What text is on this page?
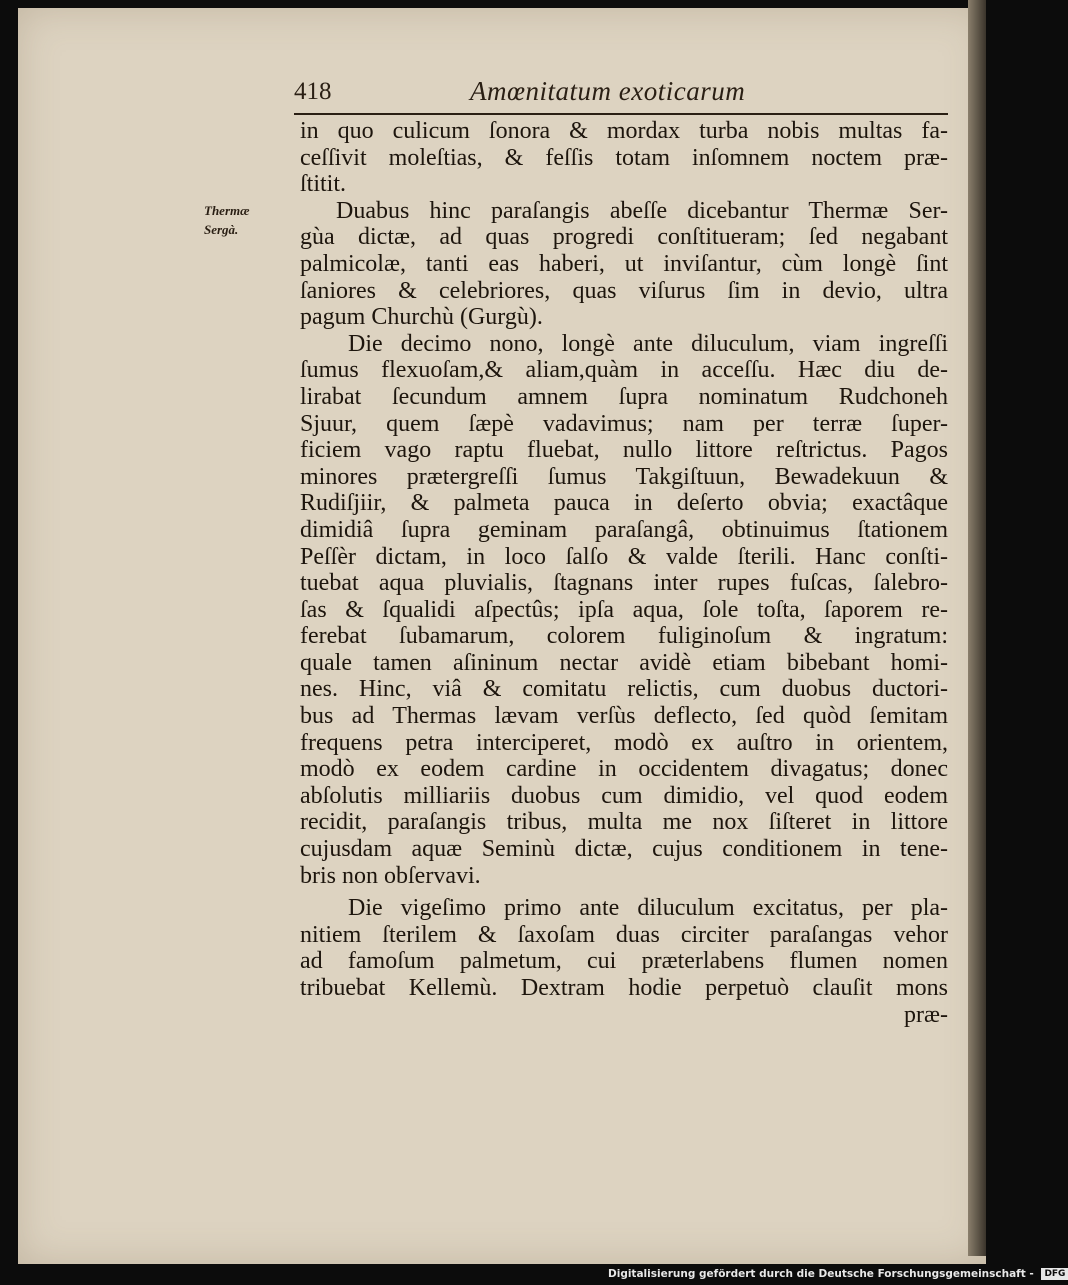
418	Amœnitatum exoticarum
Thermæ
Sergà.
in quo culicum ſonora & mordax turba nobis multas fa-
ceſſivit moleſtias, & feſſis totam inſomnem noctem præ-
ſtitit.
Duabus hinc paraſangis abeſſe dicebantur Thermæ Ser-
gùa dictæ, ad quas progredi conſtitueram; ſed negabant
palmicolæ, tanti eas haberi, ut inviſantur, cùm longè ſint
ſaniores & celebriores, quas viſurus ſim in devio, ultra
pagum Churchù (Gurgù).
Die decimo nono, longè ante diluculum, viam ingreſſi
ſumus flexuoſam,& aliam,quàm in acceſſu. Hæc diu de-
lirabat ſecundum amnem ſupra nominatum Rudchoneh
Sjuur, quem ſæpè vadavimus; nam per terræ ſuper-
ficiem vago raptu fluebat, nullo littore reſtrictus. Pagos
minores prætergreſſi ſumus Takgiſtuun, Bewadekuun &
Rudiſjiir, & palmeta pauca in deſerto obvia; exactâque
dimidiâ ſupra geminam paraſangâ, obtinuimus ſtationem
Peſſèr dictam, in loco ſalſo & valde ſterili. Hanc conſti-
tuebat aqua pluvialis, ſtagnans inter rupes fuſcas, ſalebro-
ſas & ſqualidi aſpectûs; ipſa aqua, ſole toſta, ſaporem re-
ferebat ſubamarum, colorem fuliginoſum & ingratum:
quale tamen aſininum nectar avidè etiam bibebant homi-
nes. Hinc, viâ & comitatu relictis, cum duobus ductori-
bus ad Thermas lævam verſùs deflecto, ſed quòd ſemitam
frequens petra interciperet, modò ex auſtro in orientem,
modò ex eodem cardine in occidentem divagatus; donec
abſolutis milliariis duobus cum dimidio, vel quod eodem
recidit, paraſangis tribus, multa me nox ſiſteret in littore
cujusdam aquæ Seminù dictæ, cujus conditionem in tene-
bris non obſervavi.
Die vigeſimo primo ante diluculum excitatus, per pla-
nitiem ſterilem & ſaxoſam duas circiter paraſangas vehor
ad famoſum palmetum, cui præterlabens flumen nomen
tribuebat Kellemù. Dextram hodie perpetuò clauſit mons
præ-
Digitalisierung gefördert durch die Deutsche Forschungsgemeinschaft - DFG
